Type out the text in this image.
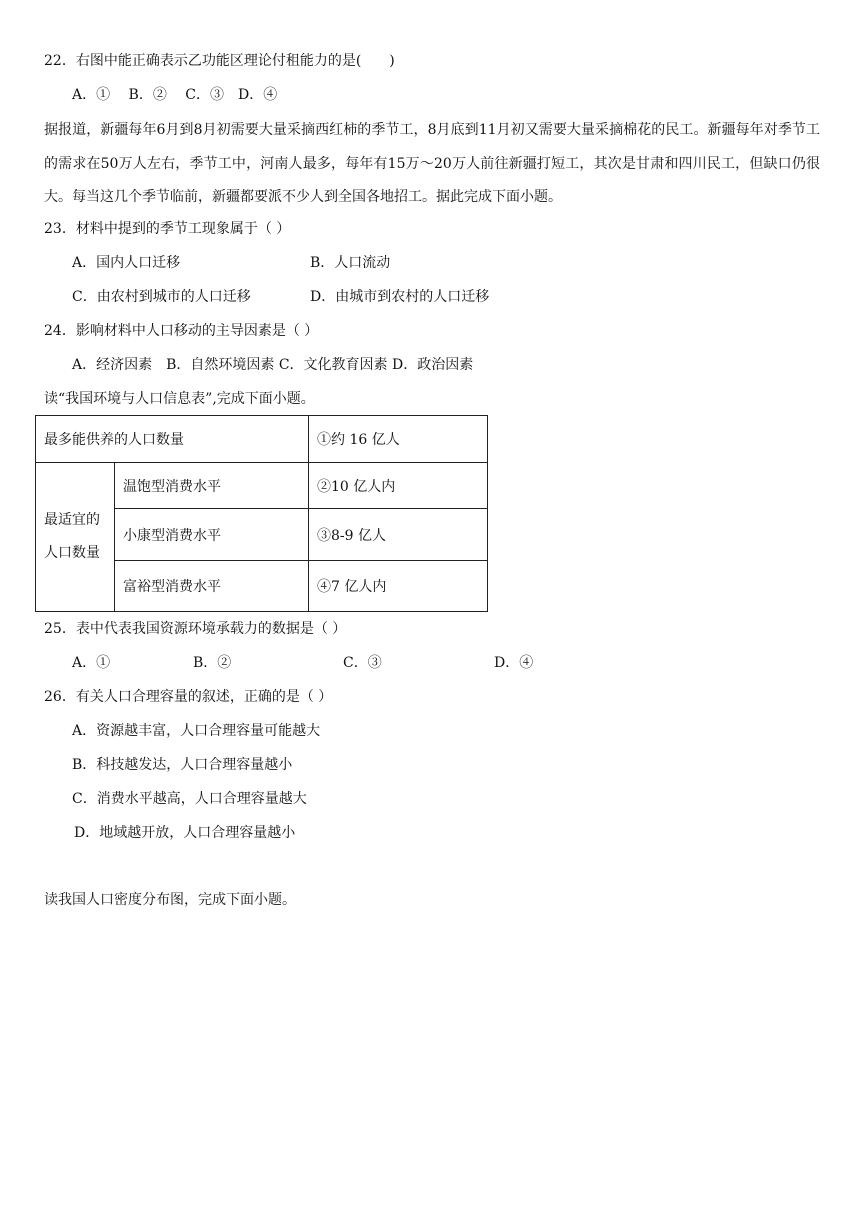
22．右图中能正确表示乙功能区理论付租能力的是(　　)
A．①　 B．②　 C．③　D．④
据报道，新疆每年6月到8月初需要大量采摘西红柿的季节工，8月底到11月初又需要大量采摘棉花的民工。新疆每年对季节工的需求在50万人左右，季节工中，河南人最多，每年有15万～20万人前往新疆打短工，其次是甘肃和四川民工，但缺口仍很大。每当这几个季节临前，新疆都要派不少人到全国各地招工。据此完成下面小题。
23．材料中提到的季节工现象属于（ ）
A．国内人口迁移	B．人口流动
C．由农村到城市的人口迁移	D．由城市到农村的人口迁移
24．影响材料中人口移动的主导因素是（ ）
A．经济因素　B．自然环境因素 C．文化教育因素 D．政治因素
读“我国环境与人口信息表”,完成下面小题。
最多能供养的人口数量		①约 16 亿人
最适宜的人口数量	温饱型消费水平	②10 亿人内
	小康型消费水平	③8-9 亿人
	富裕型消费水平	④7 亿人内
25．表中代表我国资源环境承载力的数据是（ ）
A．①	B．②	C．③	D．④
26．有关人口合理容量的叙述，正确的是（ ）
A．资源越丰富，人口合理容量可能越大
B．科技越发达，人口合理容量越小
C．消费水平越高，人口合理容量越大
D．地域越开放，人口合理容量越小
读我国人口密度分布图，完成下面小题。
